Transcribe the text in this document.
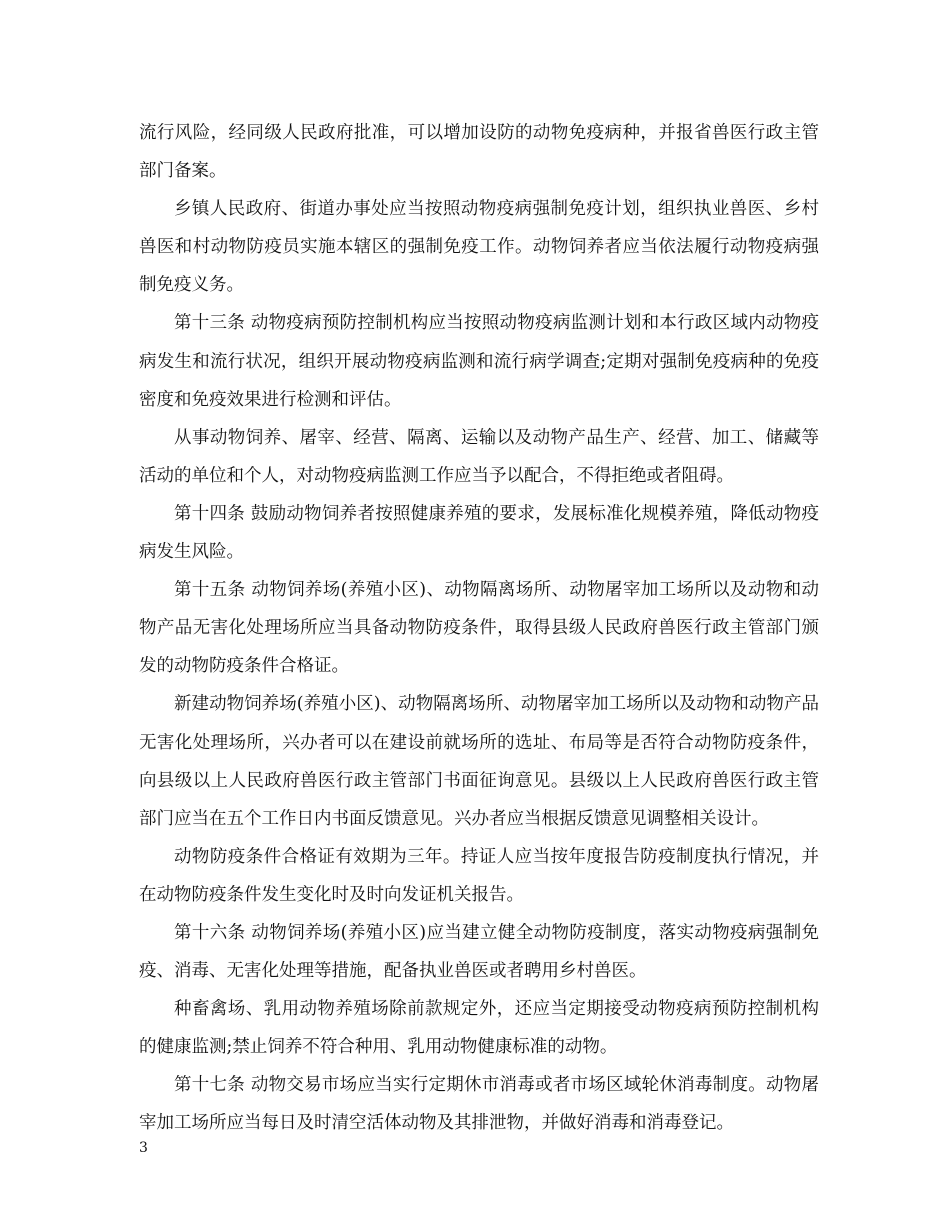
流行风险，经同级人民政府批准，可以增加设防的动物免疫病种，并报省兽医行政主管部门备案。

乡镇人民政府、街道办事处应当按照动物疫病强制免疫计划，组织执业兽医、乡村兽医和村动物防疫员实施本辖区的强制免疫工作。动物饲养者应当依法履行动物疫病强制免疫义务。

第十三条 动物疫病预防控制机构应当按照动物疫病监测计划和本行政区域内动物疫病发生和流行状况，组织开展动物疫病监测和流行病学调查;定期对强制免疫病种的免疫密度和免疫效果进行检测和评估。

从事动物饲养、屠宰、经营、隔离、运输以及动物产品生产、经营、加工、储藏等活动的单位和个人，对动物疫病监测工作应当予以配合，不得拒绝或者阻碍。

第十四条 鼓励动物饲养者按照健康养殖的要求，发展标准化规模养殖，降低动物疫病发生风险。

第十五条 动物饲养场(养殖小区)、动物隔离场所、动物屠宰加工场所以及动物和动物产品无害化处理场所应当具备动物防疫条件，取得县级人民政府兽医行政主管部门颁发的动物防疫条件合格证。

新建动物饲养场(养殖小区)、动物隔离场所、动物屠宰加工场所以及动物和动物产品无害化处理场所，兴办者可以在建设前就场所的选址、布局等是否符合动物防疫条件，向县级以上人民政府兽医行政主管部门书面征询意见。县级以上人民政府兽医行政主管部门应当在五个工作日内书面反馈意见。兴办者应当根据反馈意见调整相关设计。

动物防疫条件合格证有效期为三年。持证人应当按年度报告防疫制度执行情况，并在动物防疫条件发生变化时及时向发证机关报告。

第十六条 动物饲养场(养殖小区)应当建立健全动物防疫制度，落实动物疫病强制免疫、消毒、无害化处理等措施，配备执业兽医或者聘用乡村兽医。

种畜禽场、乳用动物养殖场除前款规定外，还应当定期接受动物疫病预防控制机构的健康监测;禁止饲养不符合种用、乳用动物健康标准的动物。

第十七条 动物交易市场应当实行定期休市消毒或者市场区域轮休消毒制度。动物屠宰加工场所应当每日及时清空活体动物及其排泄物，并做好消毒和消毒登记。

3
